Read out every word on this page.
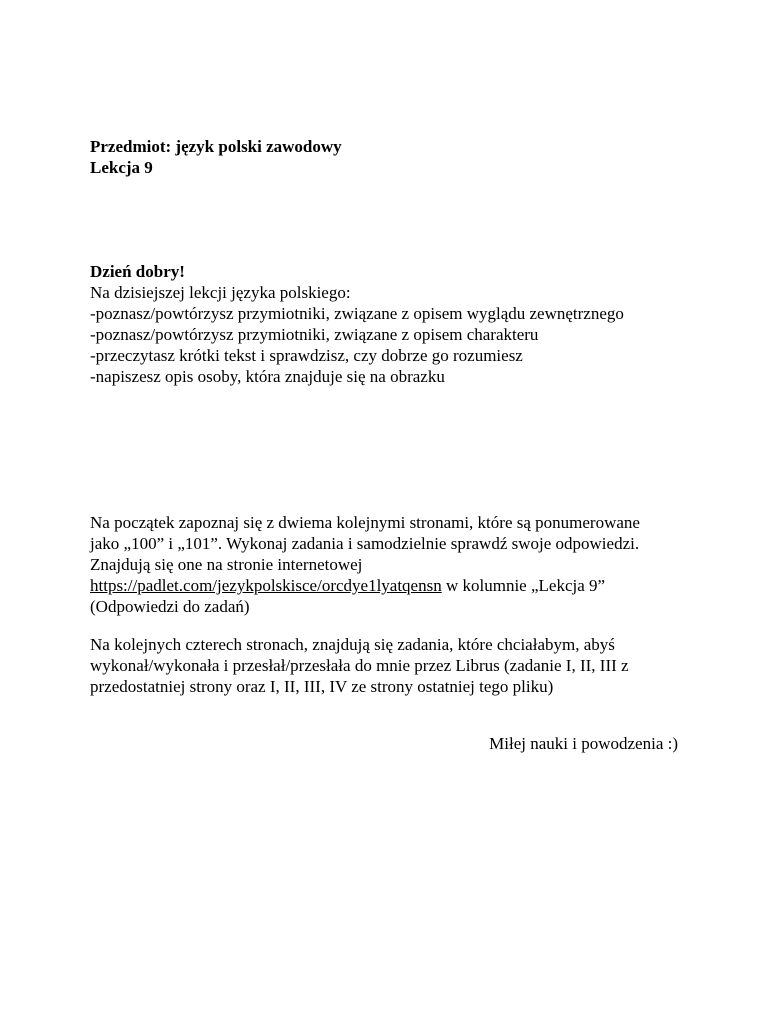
Przedmiot: język polski zawodowy
Lekcja 9
Dzień dobry!
Na dzisiejszej lekcji języka polskiego:
-poznasz/powtórzysz przymiotniki, związane z opisem wyglądu zewnętrznego
-poznasz/powtórzysz przymiotniki, związane z opisem charakteru
-przeczytasz krótki tekst i sprawdzisz, czy dobrze go rozumiesz
-napiszesz opis osoby, która znajduje się na obrazku
Na początek zapoznaj się z dwiema kolejnymi stronami, które są ponumerowane
jako „100” i „101”. Wykonaj zadania i samodzielnie sprawdź swoje odpowiedzi.
Znajdują się one na stronie internetowej
https://padlet.com/jezykpolskisce/orcdye1lyatqensn w kolumnie „Lekcja 9”
(Odpowiedzi do zadań)
Na kolejnych czterech stronach, znajdują się zadania, które chciałabym, abyś
wykonał/wykonała i przesłał/przesłała do mnie przez Librus (zadanie I, II, III z
przedostatniej strony oraz I, II, III, IV ze strony ostatniej tego pliku)
Miłej nauki i powodzenia :)
